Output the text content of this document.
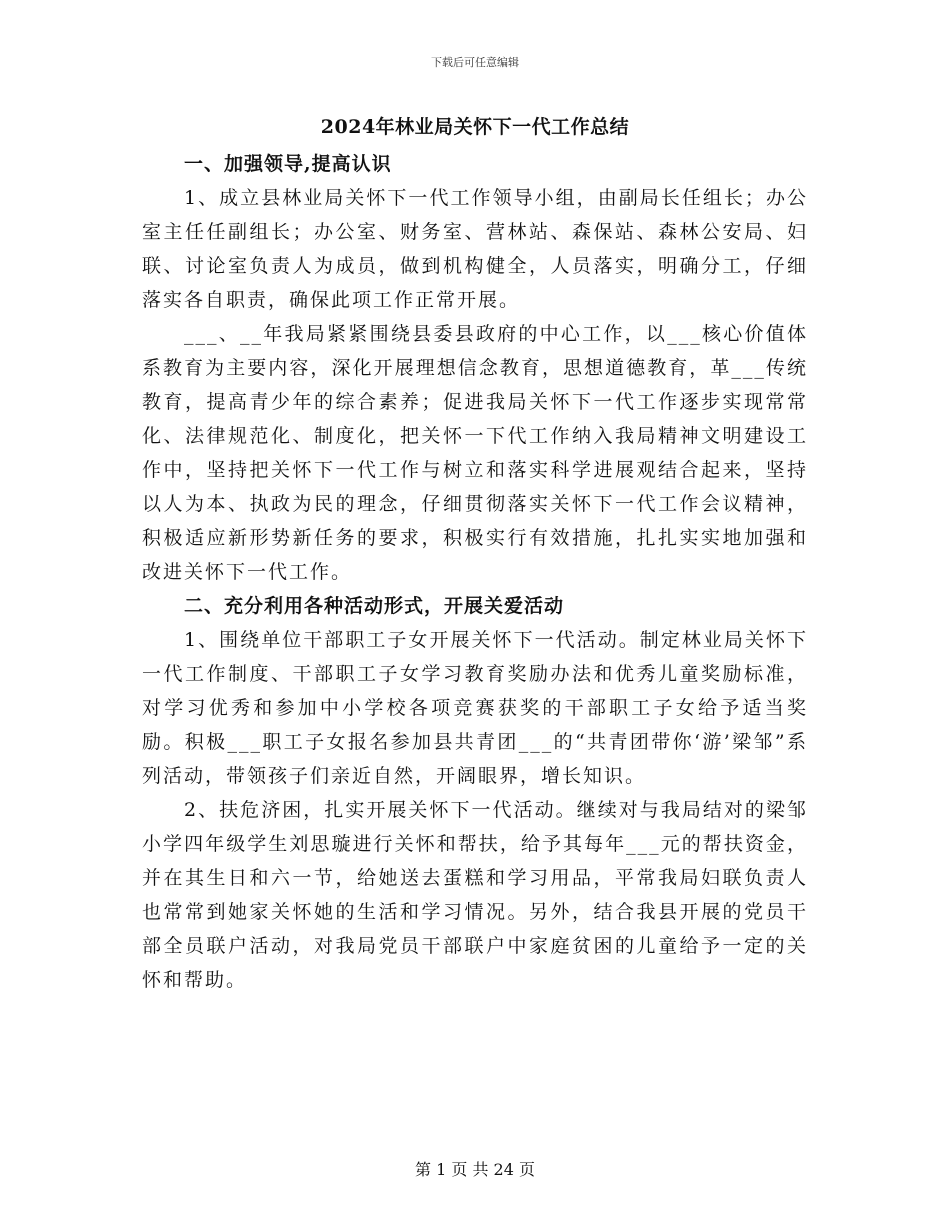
下载后可任意编辑
2024年林业局关怀下一代工作总结
一、加强领导,提高认识

1、成立县林业局关怀下一代工作领导小组，由副局长任组长；办公室主任任副组长；办公室、财务室、营林站、森保站、森林公安局、妇联、讨论室负责人为成员，做到机构健全，人员落实，明确分工，仔细落实各自职责，确保此项工作正常开展。

___、__年我局紧紧围绕县委县政府的中心工作，以___核心价值体系教育为主要内容，深化开展理想信念教育，思想道德教育，革___传统教育，提高青少年的综合素养；促进我局关怀下一代工作逐步实现常常化、法律规范化、制度化，把关怀一下代工作纳入我局精神文明建设工作中，坚持把关怀下一代工作与树立和落实科学进展观结合起来，坚持以人为本、执政为民的理念，仔细贯彻落实关怀下一代工作会议精神，积极适应新形势新任务的要求，积极实行有效措施，扎扎实实地加强和改进关怀下一代工作。

二、充分利用各种活动形式，开展关爱活动

1、围绕单位干部职工子女开展关怀下一代活动。制定林业局关怀下一代工作制度、干部职工子女学习教育奖励办法和优秀儿童奖励标准，对学习优秀和参加中小学校各项竞赛获奖的干部职工子女给予适当奖励。积极___职工子女报名参加县共青团___的“共青团带你‘游’梁邹”系列活动，带领孩子们亲近自然，开阔眼界，增长知识。

2、扶危济困，扎实开展关怀下一代活动。继续对与我局结对的梁邹小学四年级学生刘思璇进行关怀和帮扶，给予其每年___元的帮扶资金，并在其生日和六一节，给她送去蛋糕和学习用品，平常我局妇联负责人也常常到她家关怀她的生活和学习情况。另外，结合我县开展的党员干部全员联户活动，对我局党员干部联户中家庭贫困的儿童给予一定的关怀和帮助。

第 1 页 共 24 页
